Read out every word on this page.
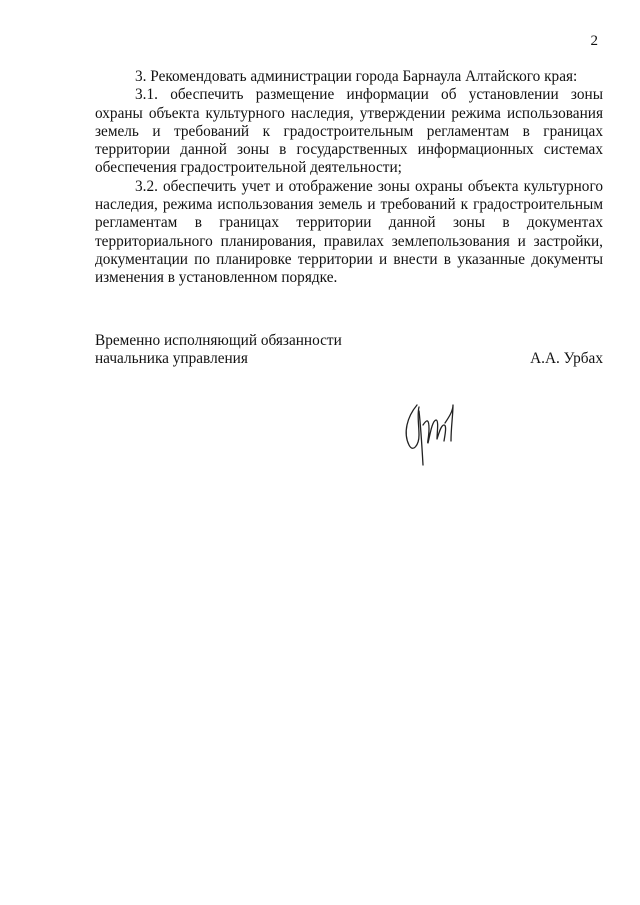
2

3. Рекомендовать администрации города Барнаула Алтайского края:

3.1. обеспечить размещение информации об установлении зоны охраны объекта культурного наследия, утверждении режима использования земель и требований к градостроительным регламентам в границах территории данной зоны в государственных информационных системах обеспечения градостроительной деятельности;

3.2. обеспечить учет и отображение зоны охраны объекта культурного наследия, режима использования земель и требований к градостроительным регламентам в границах территории данной зоны в документах территориального планирования, правилах землепользования и застройки, документации по планировке территории и внести в указанные документы изменения в установленном порядке.

Временно исполняющий обязанности
начальника управления	А.А. Урбах
